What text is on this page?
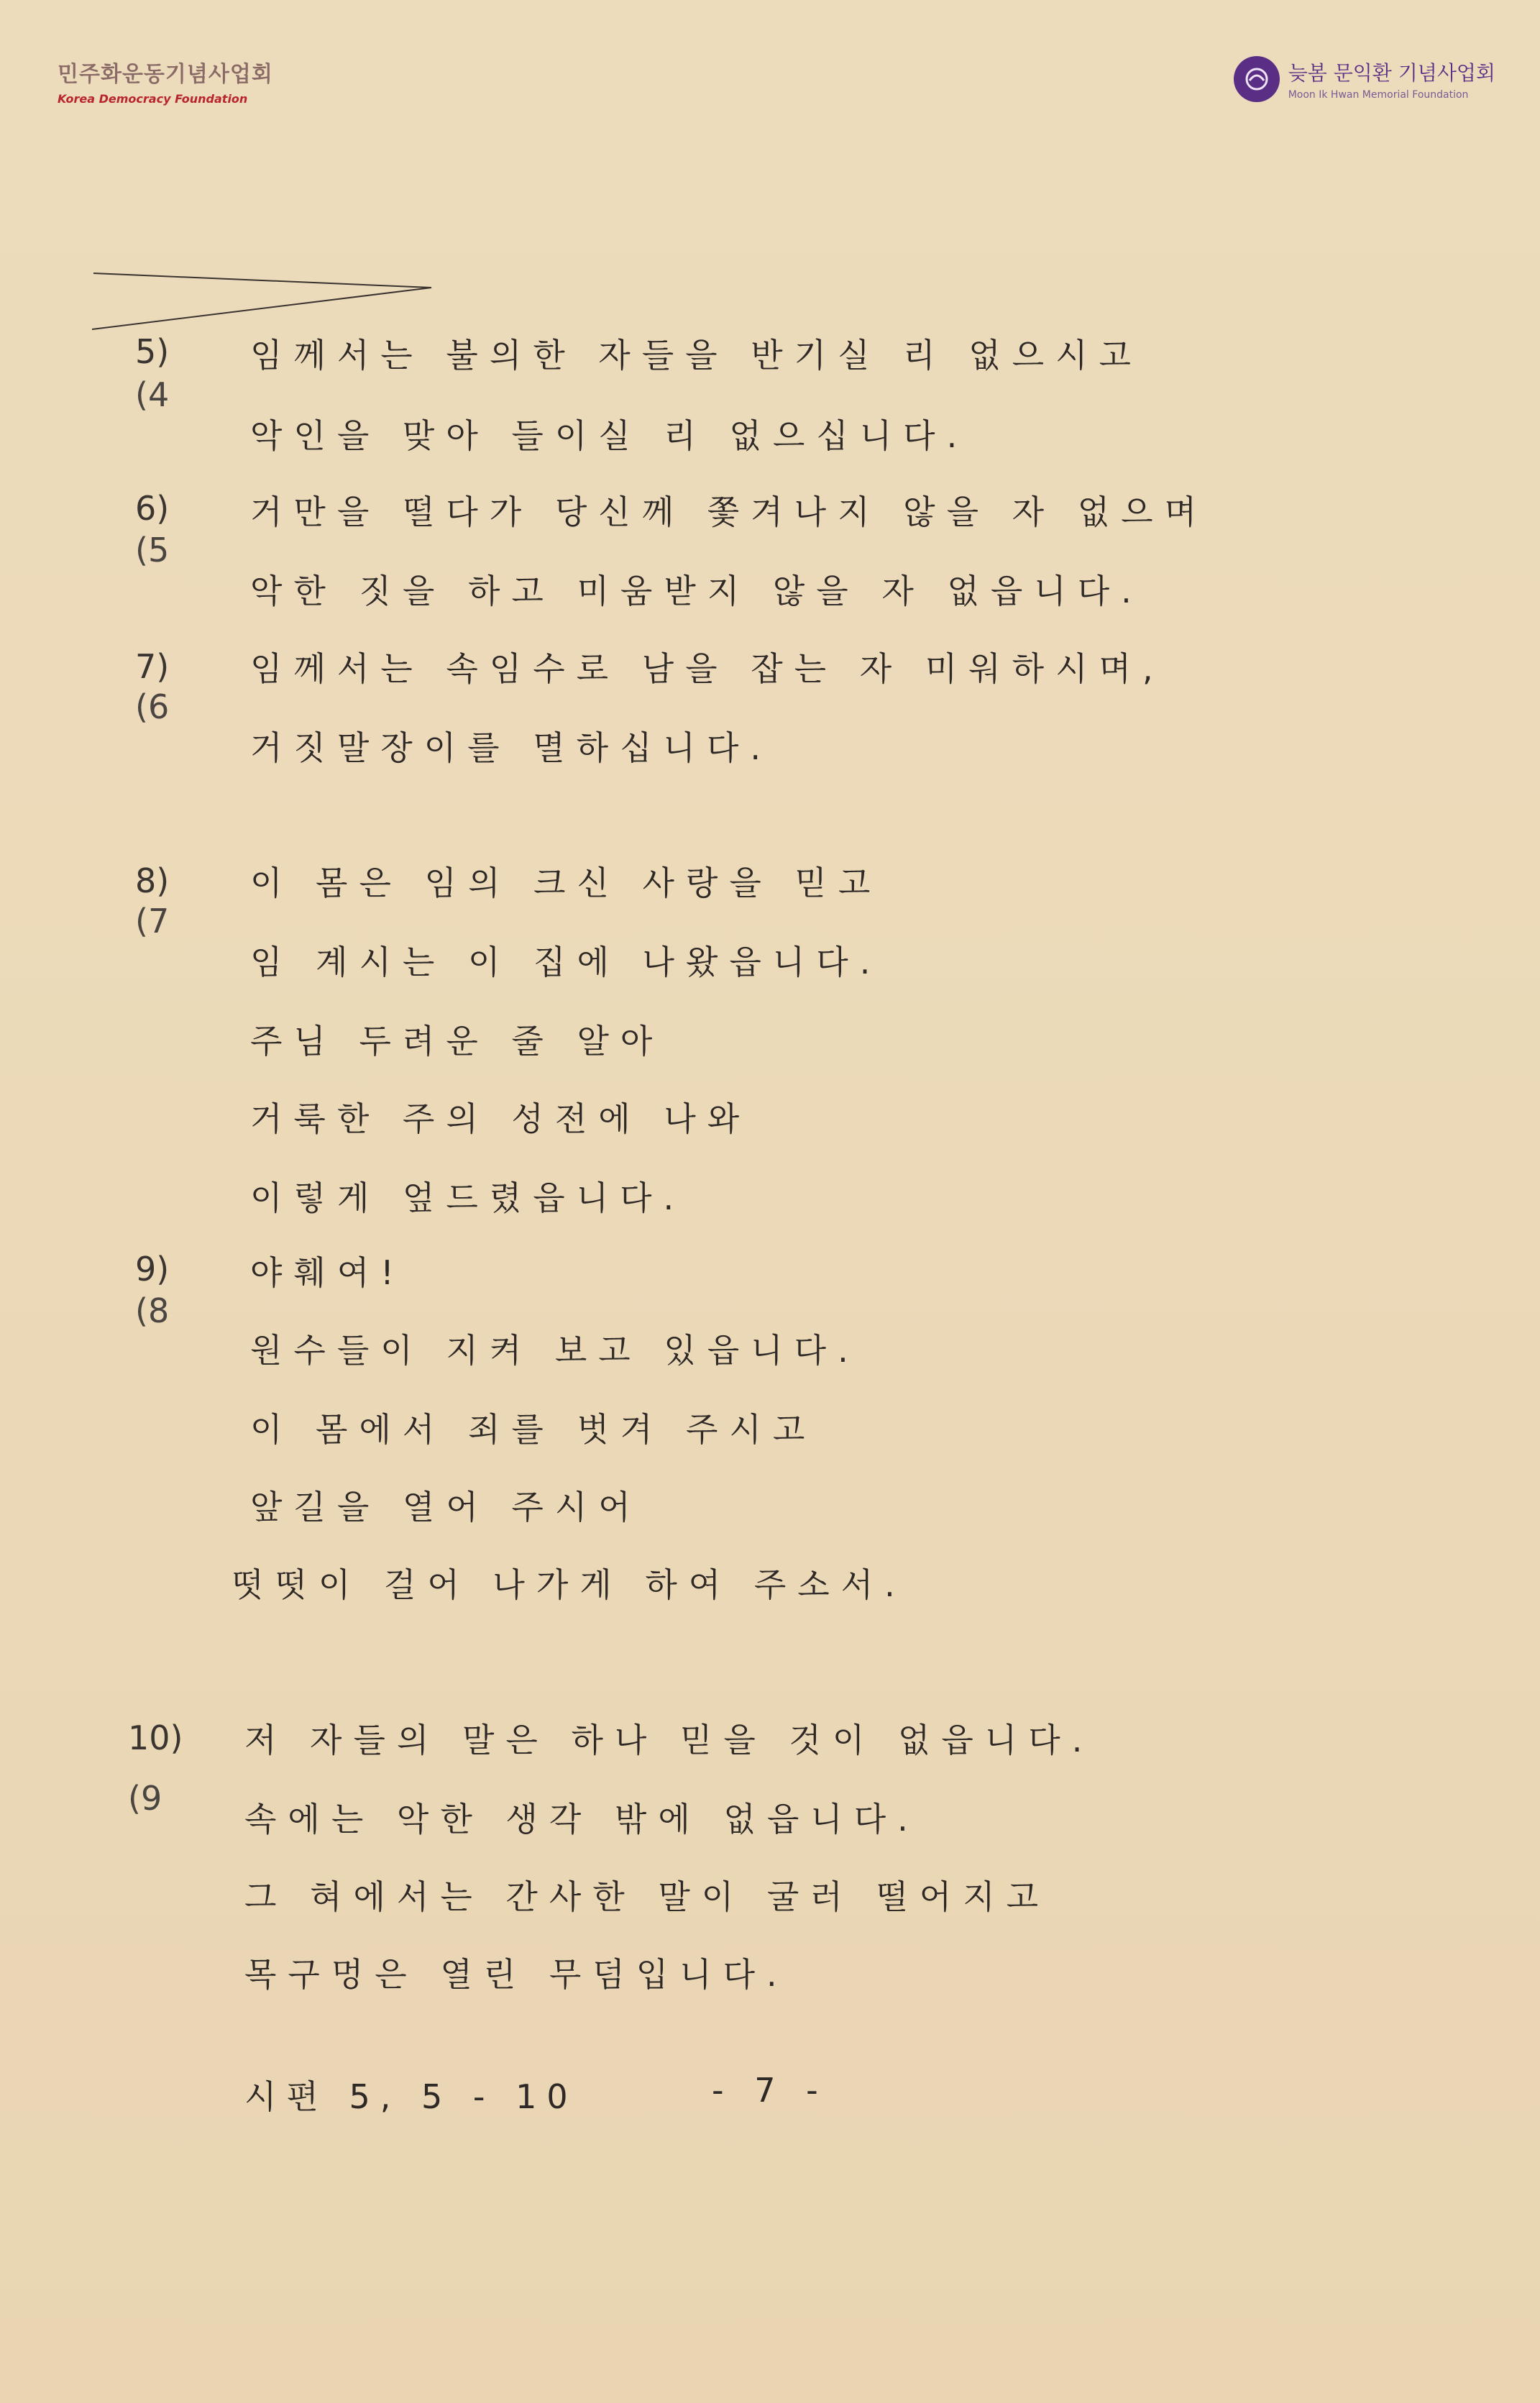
민주화운동기념사업회
Korea Democracy Foundation
늦봄 문익환 기념사업회
Moon Ik Hwan Memorial Foundation
5)
(4
임께서는 불의한 자들을 반기실 리 없으시고
악인을 맞아 들이실 리 없으십니다.
6)
(5
거만을 떨다가 당신께 쫓겨나지 않을 자 없으며
악한 짓을 하고 미움받지 않을 자 없읍니다.
7)
(6
임께서는 속임수로 남을 잡는 자 미워하시며,
거짓말장이를 멸하십니다.
8)
(7
이 몸은 임의 크신 사랑을 믿고
임 계시는 이 집에 나왔읍니다.
주님 두려운 줄 알아
거룩한 주의 성전에 나와
이렇게 엎드렸읍니다.
9)
(8
야훼여!
원수들이 지켜 보고 있읍니다.
이 몸에서 죄를 벗겨 주시고
앞길을 열어 주시어
떳떳이 걸어 나가게 하여 주소서.
10)
(9
저 자들의 말은 하나 믿을 것이 없읍니다.
속에는 악한 생각 밖에 없읍니다.
그 혀에서는 간사한 말이 굴러 떨어지고
목구멍은 열린 무덤입니다.
시편 5, 5 - 10	- 7 -
